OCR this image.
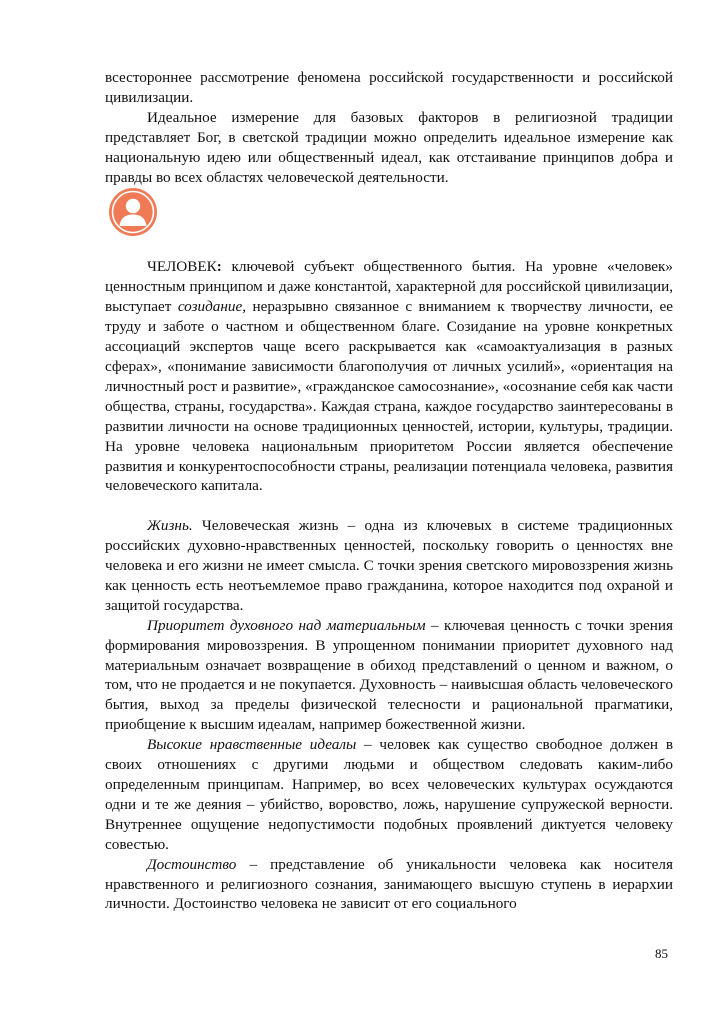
всестороннее рассмотрение феномена российской государственности и российской цивилизации.

Идеальное измерение для базовых факторов в религиозной традиции представляет Бог, в светской традиции можно определить идеальное измерение как национальную идею или общественный идеал, как отстаивание принципов добра и правды во всех областях человеческой деятельности.

ЧЕЛОВЕК: ключевой субъект общественного бытия. На уровне «человек» ценностным принципом и даже константой, характерной для российской цивилизации, выступает созидание, неразрывно связанное с вниманием к творчеству личности, ее труду и заботе о частном и общественном благе. Созидание на уровне конкретных ассоциаций экспертов чаще всего раскрывается как «самоактуализация в разных сферах», «понимание зависимости благополучия от личных усилий», «ориентация на личностный рост и развитие», «гражданское самосознание», «осознание себя как части общества, страны, государства». Каждая страна, каждое государство заинтересованы в развитии личности на основе традиционных ценностей, истории, культуры, традиции. На уровне человека национальным приоритетом России является обеспечение развития и конкурентоспособности страны, реализации потенциала человека, развития человеческого капитала.

Жизнь. Человеческая жизнь – одна из ключевых в системе традиционных российских духовно-нравственных ценностей, поскольку говорить о ценностях вне человека и его жизни не имеет смысла. С точки зрения светского мировоззрения жизнь как ценность есть неотъемлемое право гражданина, которое находится под охраной и защитой государства.

Приоритет духовного над материальным – ключевая ценность с точки зрения формирования мировоззрения. В упрощенном понимании приоритет духовного над материальным означает возвращение в обиход представлений о ценном и важном, о том, что не продается и не покупается. Духовность – наивысшая область человеческого бытия, выход за пределы физической телесности и рациональной прагматики, приобщение к высшим идеалам, например божественной жизни.

Высокие нравственные идеалы – человек как существо свободное должен в своих отношениях с другими людьми и обществом следовать каким-либо определенным принципам. Например, во всех человеческих культурах осуждаются одни и те же деяния – убийство, воровство, ложь, нарушение супружеской верности. Внутреннее ощущение недопустимости подобных проявлений диктуется человеку совестью.

Достоинство – представление об уникальности человека как носителя нравственного и религиозного сознания, занимающего высшую ступень в иерархии личности. Достоинство человека не зависит от его социального

85
